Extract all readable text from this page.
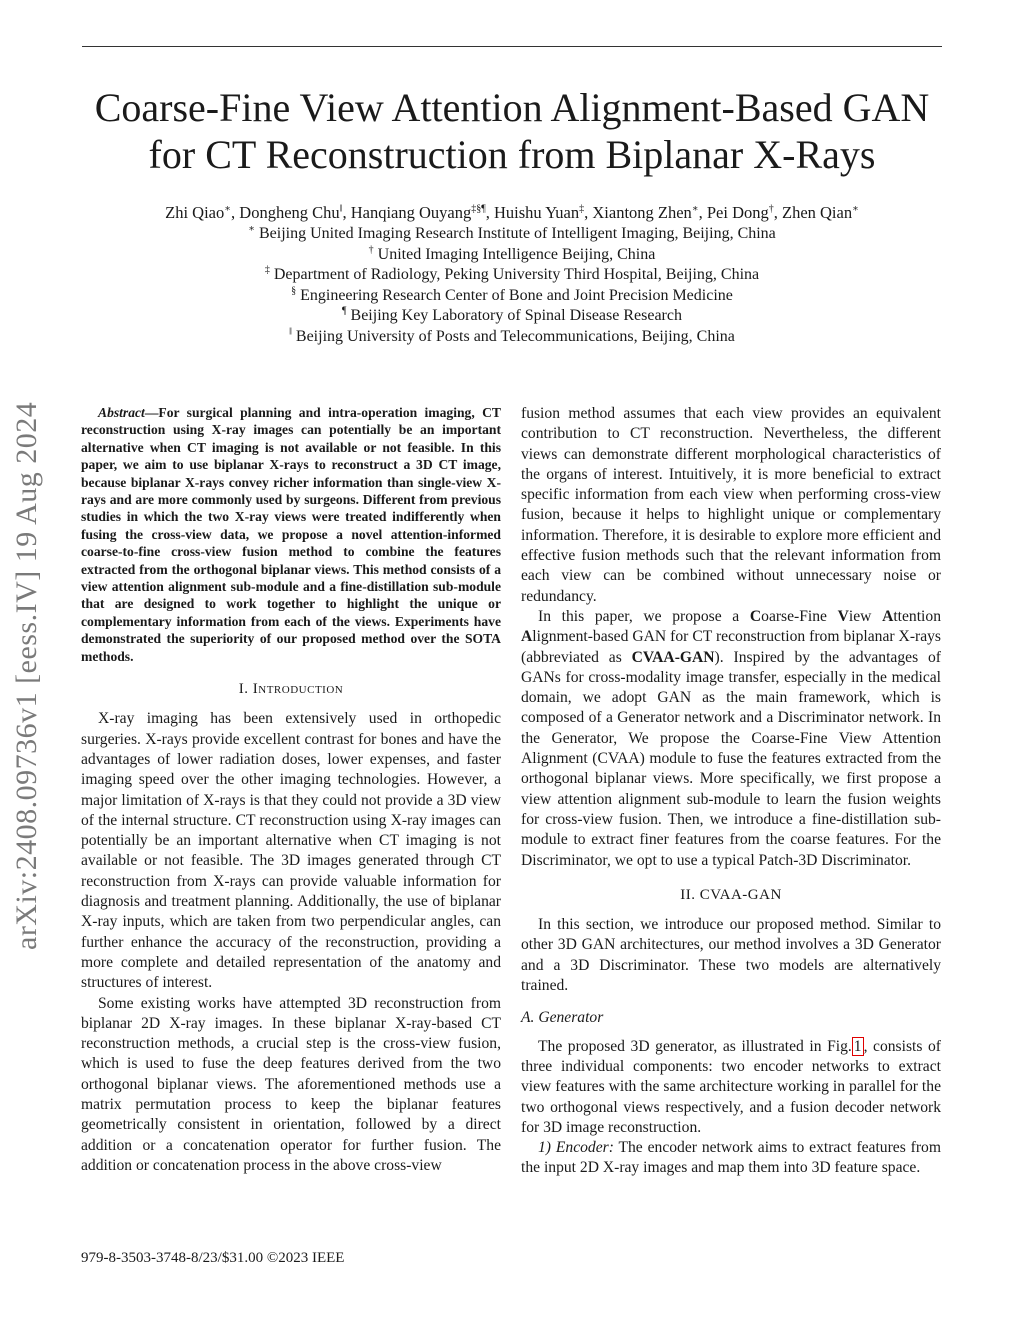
arXiv:2408.09736v1 [eess.IV] 19 Aug 2024
Coarse-Fine View Attention Alignment-Based GAN
for CT Reconstruction from Biplanar X-Rays
Zhi Qiao∗, Dongheng Chu‖, Hanqiang Ouyang‡§¶, Huishu Yuan‡, Xiantong Zhen∗, Pei Dong†, Zhen Qian∗
∗ Beijing United Imaging Research Institute of Intelligent Imaging, Beijing, China
† United Imaging Intelligence Beijing, China
‡ Department of Radiology, Peking University Third Hospital, Beijing, China
§ Engineering Research Center of Bone and Joint Precision Medicine
¶ Beijing Key Laboratory of Spinal Disease Research
‖ Beijing University of Posts and Telecommunications, Beijing, China

Abstract—For surgical planning and intra-operation imaging, CT reconstruction using X-ray images can potentially be an important alternative when CT imaging is not available or not feasible. In this paper, we aim to use biplanar X-rays to reconstruct a 3D CT image, because biplanar X-rays convey richer information than single-view X-rays and are more commonly used by surgeons. Different from previous studies in which the two X-ray views were treated indifferently when fusing the cross-view data, we propose a novel attention-informed coarse-to-fine cross-view fusion method to combine the features extracted from the orthogonal biplanar views. This method consists of a view attention alignment sub-module and a fine-distillation sub-module that are designed to work together to highlight the unique or complementary information from each of the views. Experiments have demonstrated the superiority of our proposed method over the SOTA methods.

I. Introduction

X-ray imaging has been extensively used in orthopedic surgeries. X-rays provide excellent contrast for bones and have the advantages of lower radiation doses, lower expenses, and faster imaging speed over the other imaging technologies. However, a major limitation of X-rays is that they could not provide a 3D view of the internal structure. CT reconstruction using X-ray images can potentially be an important alternative when CT imaging is not available or not feasible. The 3D images generated through CT reconstruction from X-rays can provide valuable information for diagnosis and treatment planning. Additionally, the use of biplanar X-ray inputs, which are taken from two perpendicular angles, can further enhance the accuracy of the reconstruction, providing a more complete and detailed representation of the anatomy and structures of interest.

Some existing works have attempted 3D reconstruction from biplanar 2D X-ray images. In these biplanar X-ray-based CT reconstruction methods, a crucial step is the cross-view fusion, which is used to fuse the deep features derived from the two orthogonal biplanar views. The aforementioned methods use a matrix permutation process to keep the biplanar features geometrically consistent in orientation, followed by a direct addition or a concatenation operator for further fusion. The addition or concatenation process in the above cross-view

fusion method assumes that each view provides an equivalent contribution to CT reconstruction. Nevertheless, the different views can demonstrate different morphological characteristics of the organs of interest. Intuitively, it is more beneficial to extract specific information from each view when performing cross-view fusion, because it helps to highlight unique or complementary information. Therefore, it is desirable to explore more efficient and effective fusion methods such that the relevant information from each view can be combined without unnecessary noise or redundancy.

In this paper, we propose a Coarse-Fine View Attention Alignment-based GAN for CT reconstruction from biplanar X-rays (abbreviated as CVAA-GAN). Inspired by the advantages of GANs for cross-modality image transfer, especially in the medical domain, we adopt GAN as the main framework, which is composed of a Generator network and a Discriminator network. In the Generator, We propose the Coarse-Fine View Attention Alignment (CVAA) module to fuse the features extracted from the orthogonal biplanar views. More specifically, we first propose a view attention alignment sub-module to learn the fusion weights for cross-view fusion. Then, we introduce a fine-distillation sub-module to extract finer features from the coarse features. For the Discriminator, we opt to use a typical Patch-3D Discriminator.

II. CVAA-GAN

In this section, we introduce our proposed method. Similar to other 3D GAN architectures, our method involves a 3D Generator and a 3D Discriminator. These two models are alternatively trained.

A. Generator

The proposed 3D generator, as illustrated in Fig. 1 , consists of three individual components: two encoder networks to extract view features with the same architecture working in parallel for the two orthogonal views respectively, and a fusion decoder network for 3D image reconstruction.

1) Encoder: The encoder network aims to extract features from the input 2D X-ray images and map them into 3D feature space.

979-8-3503-3748-8/23/$31.00 ©2023 IEEE
